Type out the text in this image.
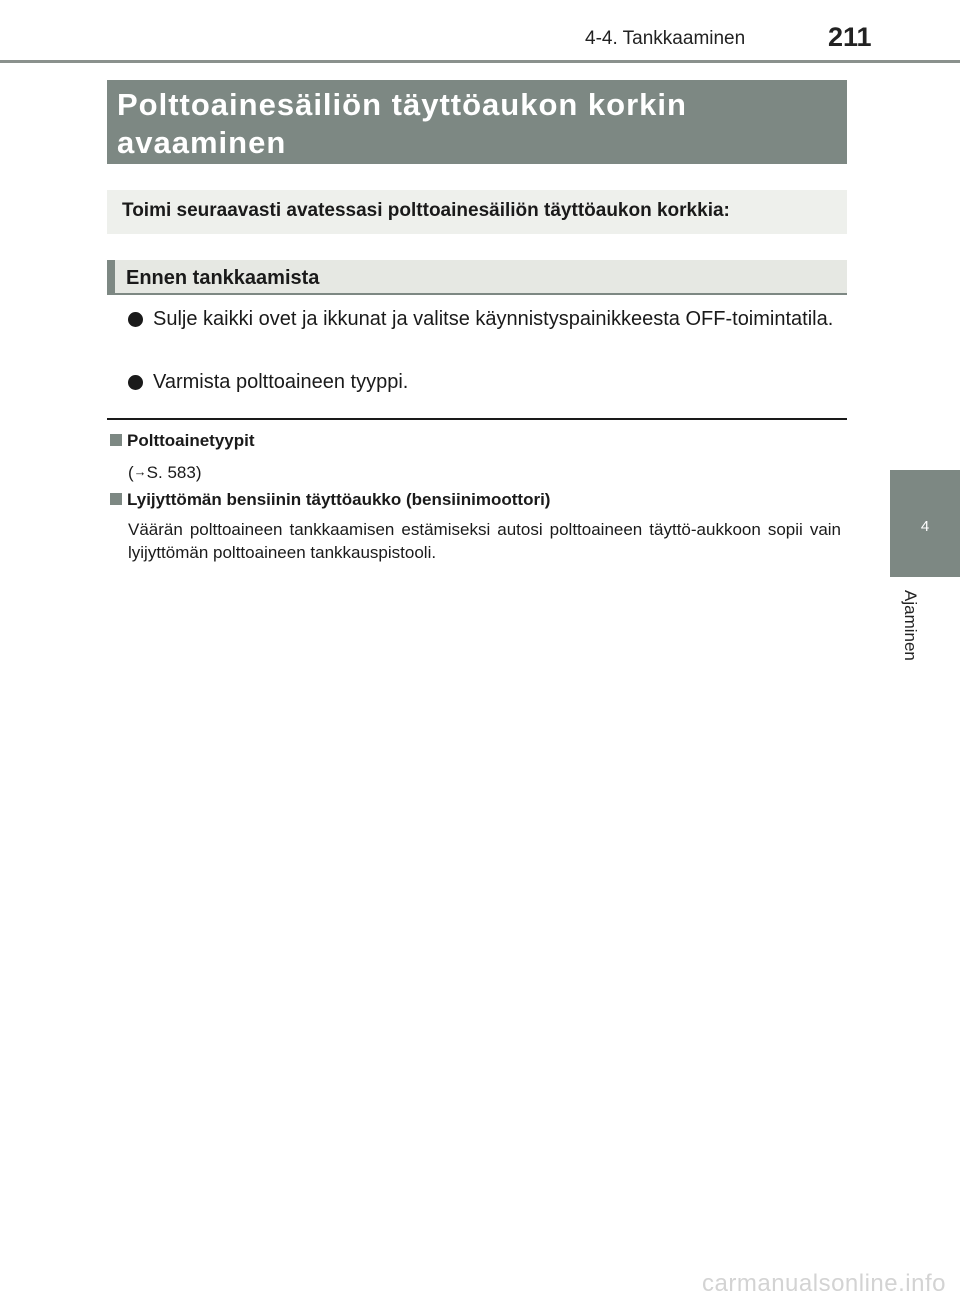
4-4. Tankkaaminen	211
Polttoainesäiliön täyttöaukon korkin
avaaminen
Toimi seuraavasti avatessasi polttoainesäiliön täyttöaukon korkkia:
Ennen tankkaamista
Sulje kaikki ovet ja ikkunat ja valitse käynnistyspainikkeesta OFF-toimintatila.
Varmista polttoaineen tyyppi.
Polttoainetyypit
(→S. 583)
Lyijyttömän bensiinin täyttöaukko (bensiinimoottori)
Väärän polttoaineen tankkaamisen estämiseksi autosi polttoaineen täyttö-aukkoon sopii vain lyijyttömän polttoaineen tankkauspistooli.
4
Ajaminen
carmanualsonline.info
